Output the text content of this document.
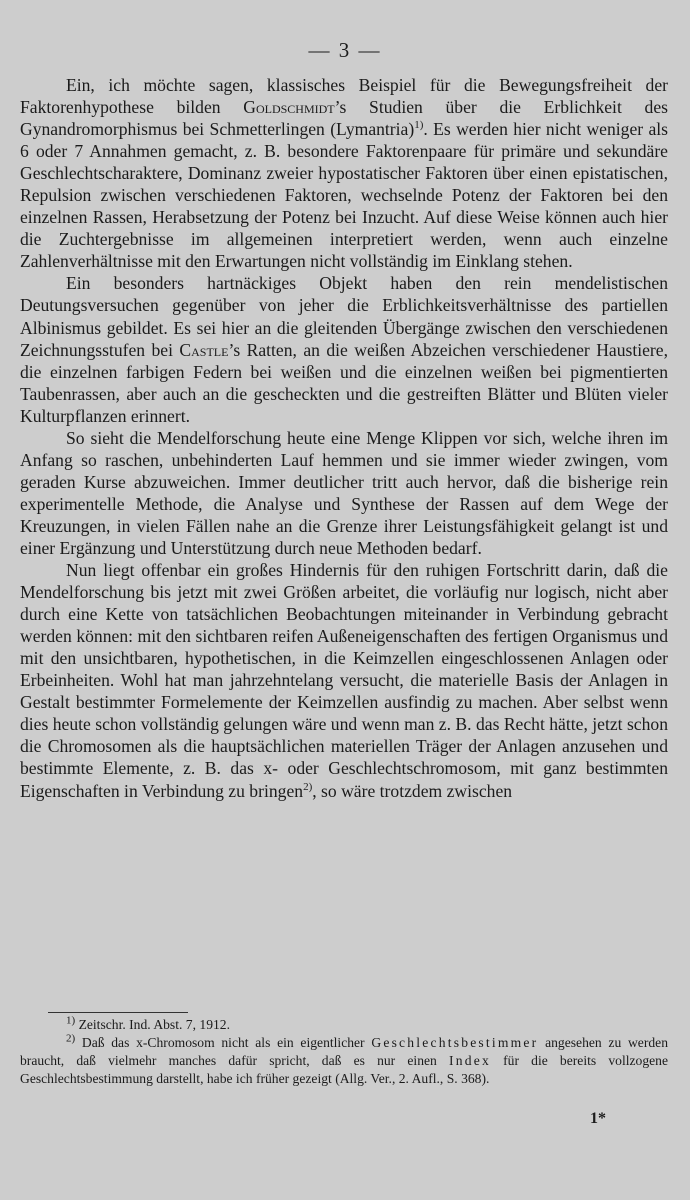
— 3 —

Ein, ich möchte sagen, klassisches Beispiel für die Bewegungsfreiheit der Faktorenhypothese bilden Goldschmidt’s Studien über die Erblichkeit des Gynandromorphismus bei Schmetterlingen (Lymantria)$^{1)}$. Es werden hier nicht weniger als 6 oder 7 Annahmen gemacht, z. B. besondere Faktorenpaare für primäre und sekundäre Geschlechtscharaktere, Dominanz zweier hypostatischer Faktoren über einen epistatischen, Repulsion zwischen verschiedenen Faktoren, wechselnde Potenz der Faktoren bei den einzelnen Rassen, Herabsetzung der Potenz bei Inzucht. Auf diese Weise können auch hier die Zuchtergebnisse im allgemeinen interpretiert werden, wenn auch einzelne Zahlenverhältnisse mit den Erwartungen nicht vollständig im Einklang stehen.

Ein besonders hartnäckiges Objekt haben den rein mendelistischen Deutungsversuchen gegenüber von jeher die Erblichkeitsverhältnisse des partiellen Albinismus gebildet. Es sei hier an die gleitenden Übergänge zwischen den verschiedenen Zeichnungsstufen bei Castle’s Ratten, an die weißen Abzeichen verschiedener Haustiere, die einzelnen farbigen Federn bei weißen und die einzelnen weißen bei pigmentierten Taubenrassen, aber auch an die gescheckten und die gestreiften Blätter und Blüten vieler Kulturpflanzen erinnert.

So sieht die Mendelforschung heute eine Menge Klippen vor sich, welche ihren im Anfang so raschen, unbehinderten Lauf hemmen und sie immer wieder zwingen, vom geraden Kurse abzuweichen. Immer deutlicher tritt auch hervor, daß die bisherige rein experimentelle Methode, die Analyse und Synthese der Rassen auf dem Wege der Kreuzungen, in vielen Fällen nahe an die Grenze ihrer Leistungsfähigkeit gelangt ist und einer Ergänzung und Unterstützung durch neue Methoden bedarf.

Nun liegt offenbar ein großes Hindernis für den ruhigen Fortschritt darin, daß die Mendelforschung bis jetzt mit zwei Größen arbeitet, die vorläufig nur logisch, nicht aber durch eine Kette von tatsächlichen Beobachtungen miteinander in Verbindung gebracht werden können: mit den sichtbaren reifen Außeneigenschaften des fertigen Organismus und mit den unsichtbaren, hypothetischen, in die Keimzellen eingeschlossenen Anlagen oder Erbeinheiten. Wohl hat man jahrzehntelang versucht, die materielle Basis der Anlagen in Gestalt bestimmter Formelemente der Keimzellen ausfindig zu machen. Aber selbst wenn dies heute schon vollständig gelungen wäre und wenn man z. B. das Recht hätte, jetzt schon die Chromosomen als die hauptsächlichen materiellen Träger der Anlagen anzusehen und bestimmte Elemente, z. B. das x- oder Geschlechtschromosom, mit ganz bestimmten Eigenschaften in Verbindung zu bringen$^{2)}$, so wäre trotzdem zwischen

$^{1)}$ Zeitschr. Ind. Abst. 7, 1912.

$^{2)}$ Daß das x-Chromosom nicht als ein eigentlicher Geschlechtsbestimmer angesehen zu werden braucht, daß vielmehr manches dafür spricht, daß es nur einen Index für die bereits vollzogene Geschlechtsbestimmung darstellt, habe ich früher gezeigt (Allg. Ver., 2. Aufl., S. 368).

1*
